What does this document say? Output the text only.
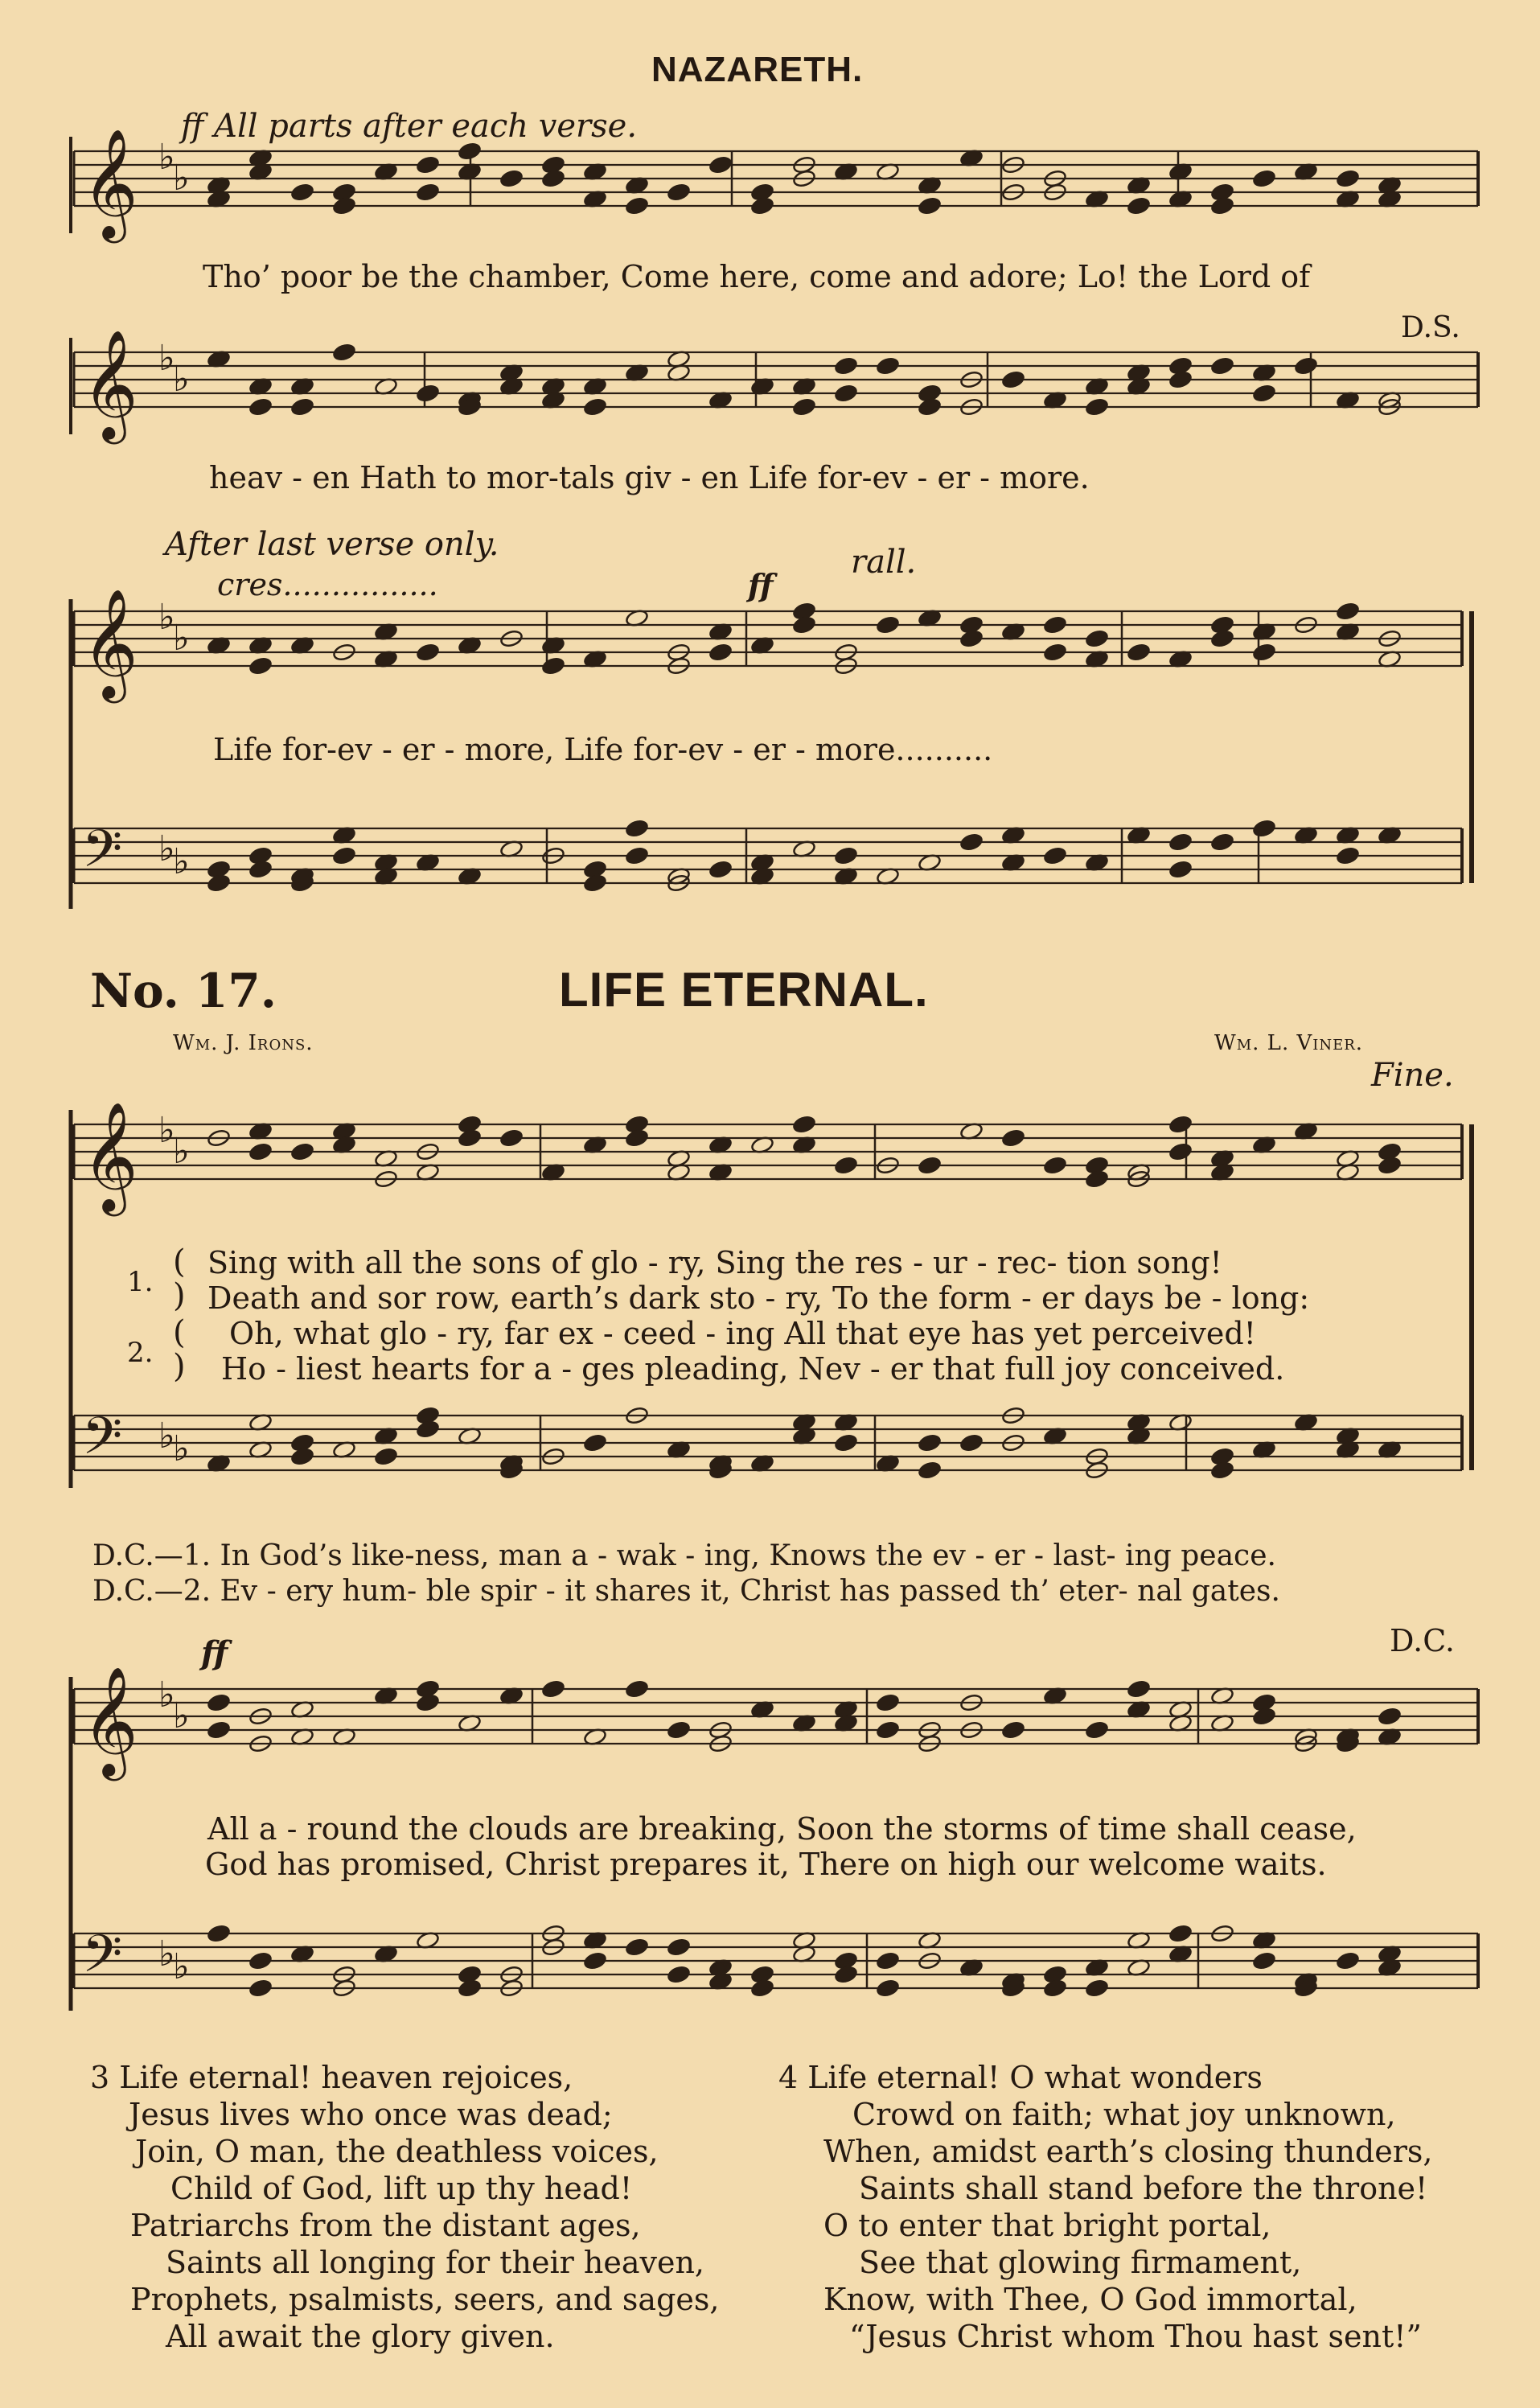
𝄞 ♭
♭
𝄞 ♭
♭
𝄞 ♭
♭
𝄢 ♭
♭
𝄞 ♭
♭
𝄢 ♭
♭
𝄞 ♭
♭
𝄢 ♭
♭
NAZARETH.
ff All parts after each verse.
Tho’ poor be the chamber, Come here, come and adore; Lo! the Lord of
D.S.
heav - en Hath to mor-tals giv - en Life for-ev - er - more.
After last verse only.
cres................
rall.
ff
Life for-ev - er - more, Life for-ev - er - more..........
No. 17.	LIFE ETERNAL.
Wm. J. Irons.	Wm. L. Viner.
Fine.
1.
(
)
Sing with all the sons of glo - ry, Sing the res - ur - rec- tion song!
Death and sor row, earth’s dark sto - ry, To the form - er days be - long:
2.
(
)
Oh, what glo - ry, far ex - ceed - ing All that eye has yet perceived!
Ho - liest hearts for a - ges pleading, Nev - er that full joy conceived.
D.C.—1. In God’s like-ness, man a - wak - ing, Knows the ev - er - last- ing peace.
D.C.—2. Ev - ery hum- ble spir - it shares it, Christ has passed th’ eter- nal gates.
ff	D.C.
All a - round the clouds are breaking, Soon the storms of time shall cease,
God has promised, Christ prepares it, There on high our welcome waits.
3 Life eternal! heaven rejoices,
Jesus lives who once was dead;
Join, O man, the deathless voices,
Child of God, lift up thy head!
Patriarchs from the distant ages,
Saints all longing for their heaven,
Prophets, psalmists, seers, and sages,
All await the glory given.
4 Life eternal! O what wonders
Crowd on faith; what joy unknown,
When, amidst earth’s closing thunders,
Saints shall stand before the throne!
O to enter that bright portal,
See that glowing firmament,
Know, with Thee, O God immortal,
“Jesus Christ whom Thou hast sent!”
